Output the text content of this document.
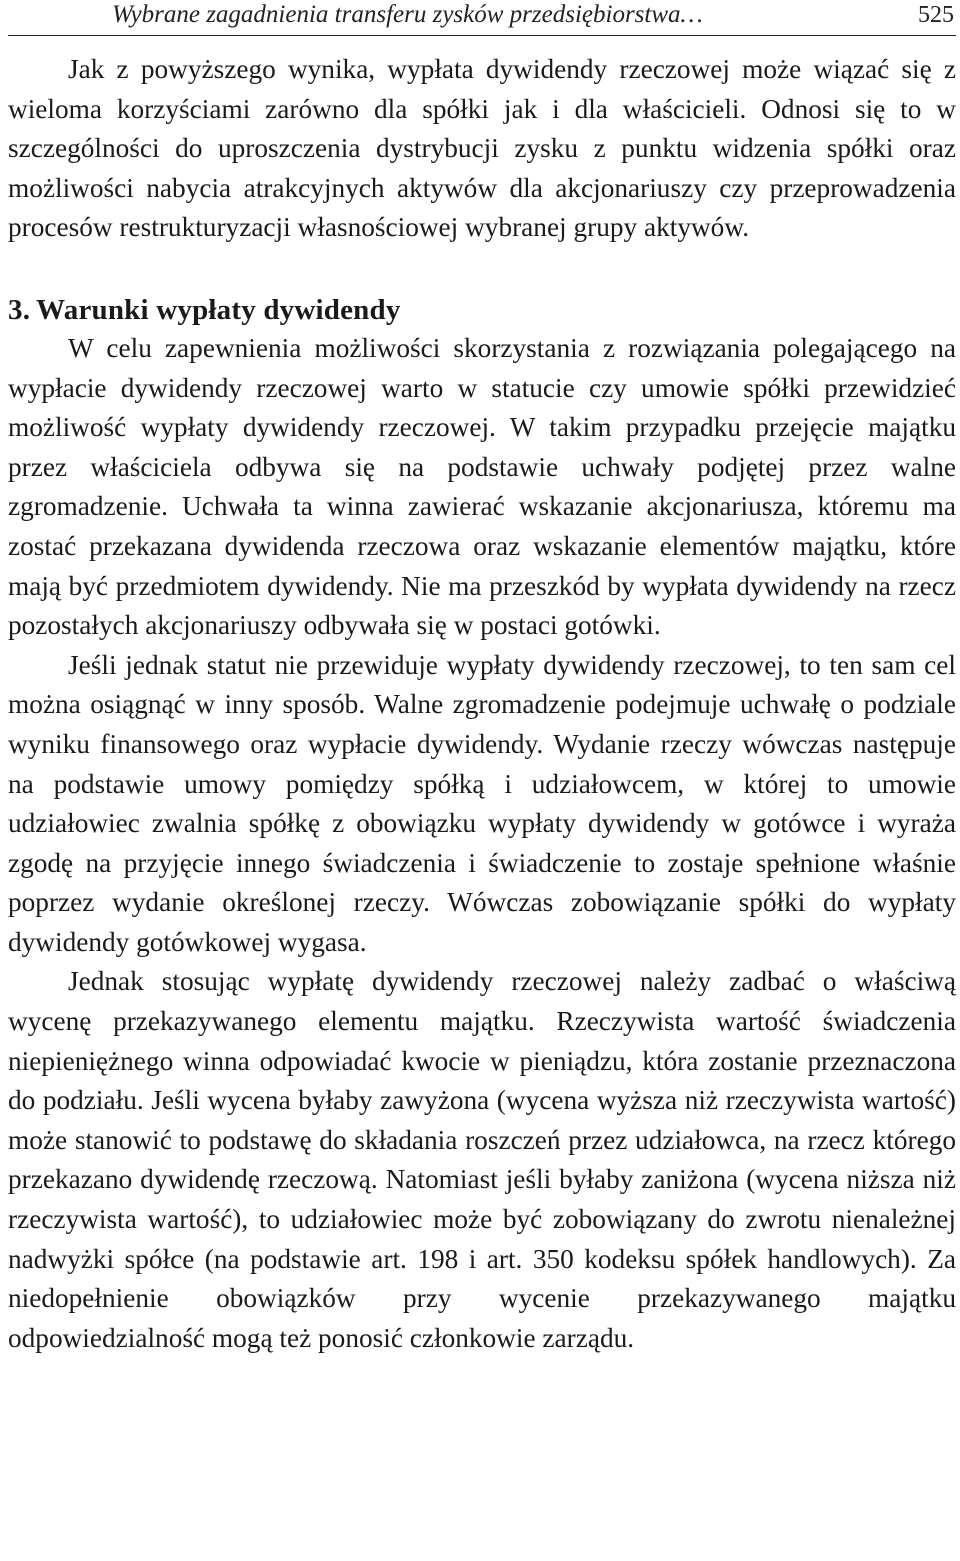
Wybrane zagadnienia transferu zysków przedsiębiorstwa…	525

Jak z powyższego wynika, wypłata dywidendy rzeczowej może wiązać się z wieloma korzyściami zarówno dla spółki jak i dla właścicieli. Odnosi się to w szczególności do uproszczenia dystrybucji zysku z punktu widzenia spółki oraz możliwości nabycia atrakcyjnych aktywów dla akcjonariuszy czy przeprowadzenia procesów restrukturyzacji własnościowej wybranej grupy aktywów.

3. Warunki wypłaty dywidendy

W celu zapewnienia możliwości skorzystania z rozwiązania polegającego na wypłacie dywidendy rzeczowej warto w statucie czy umowie spółki przewidzieć możliwość wypłaty dywidendy rzeczowej. W takim przypadku przejęcie majątku przez właściciela odbywa się na podstawie uchwały podjętej przez walne zgromadzenie. Uchwała ta winna zawierać wskazanie akcjonariusza, któremu ma zostać przekazana dywidenda rzeczowa oraz wskazanie elementów majątku, które mają być przedmiotem dywidendy. Nie ma przeszkód by wypłata dywidendy na rzecz pozostałych akcjonariuszy odbywała się w postaci gotówki.

Jeśli jednak statut nie przewiduje wypłaty dywidendy rzeczowej, to ten sam cel można osiągnąć w inny sposób. Walne zgromadzenie podejmuje uchwałę o podziale wyniku finansowego oraz wypłacie dywidendy. Wydanie rzeczy wówczas następuje na podstawie umowy pomiędzy spółką i udziałowcem, w której to umowie udziałowiec zwalnia spółkę z obowiązku wypłaty dywidendy w gotówce i wyraża zgodę na przyjęcie innego świadczenia i świadczenie to zostaje spełnione właśnie poprzez wydanie określonej rzeczy. Wówczas zobowiązanie spółki do wypłaty dywidendy gotówkowej wygasa.

Jednak stosując wypłatę dywidendy rzeczowej należy zadbać o właściwą wycenę przekazywanego elementu majątku. Rzeczywista wartość świadczenia niepieniężnego winna odpowiadać kwocie w pieniądzu, która zostanie przeznaczona do podziału. Jeśli wycena byłaby zawyżona (wycena wyższa niż rzeczywista wartość) może stanowić to podstawę do składania roszczeń przez udziałowca, na rzecz którego przekazano dywidendę rzeczową. Natomiast jeśli byłaby zaniżona (wycena niższa niż rzeczywista wartość), to udziałowiec może być zobowiązany do zwrotu nienależnej nadwyżki spółce (na podstawie art. 198 i art. 350 kodeksu spółek handlowych). Za niedopełnienie obowiązków przy wycenie przekazywanego majątku odpowiedzialność mogą też ponosić członkowie zarządu.
